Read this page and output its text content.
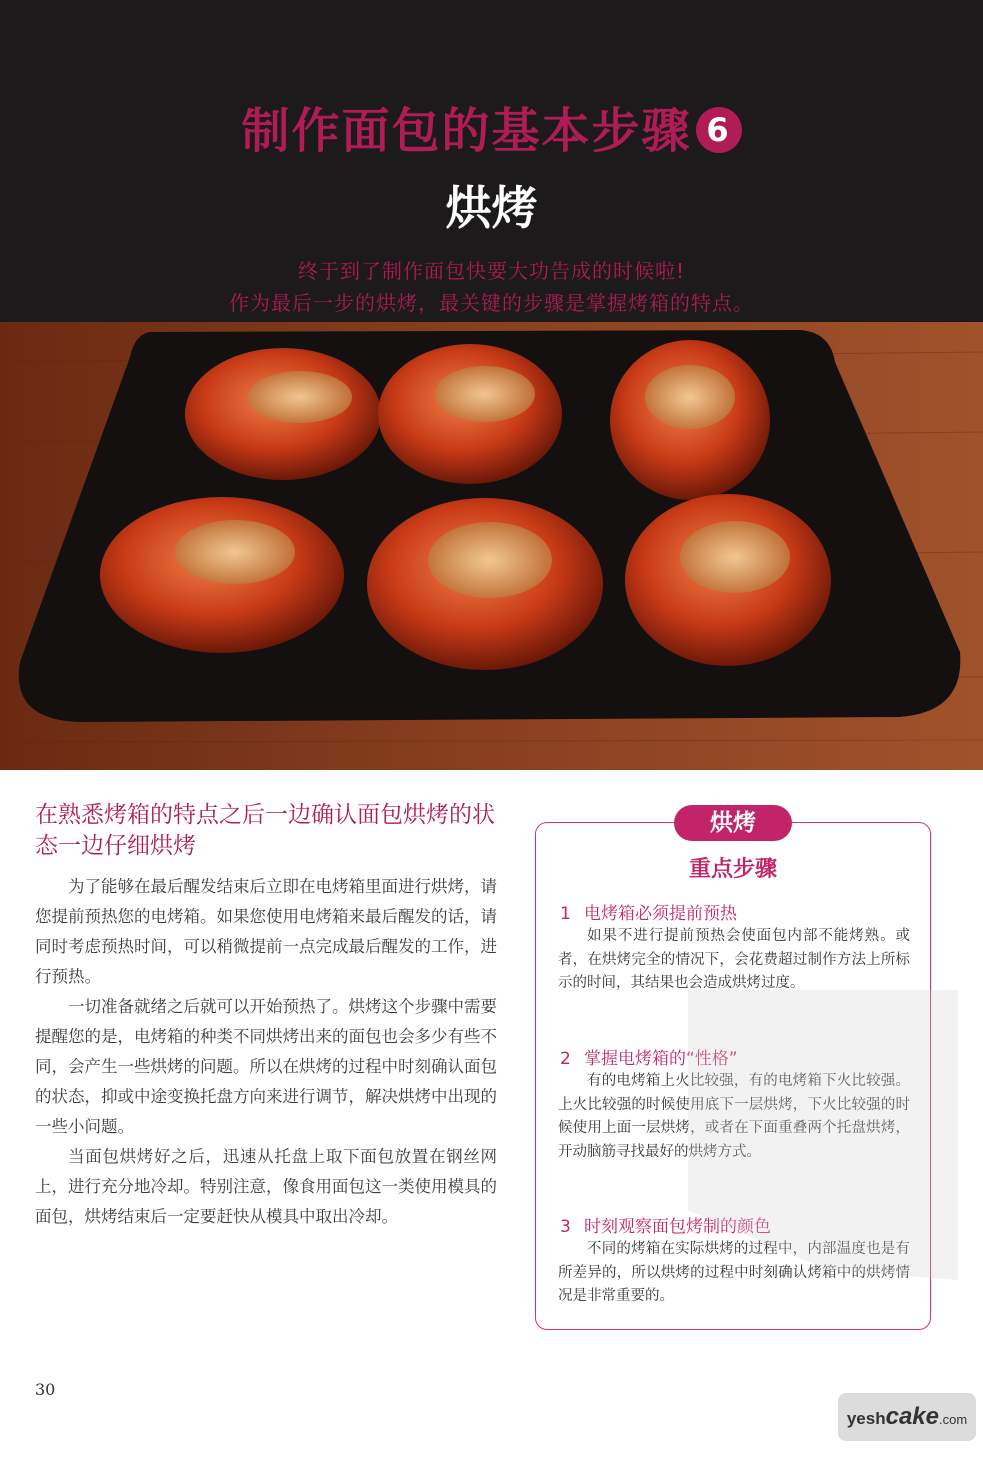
制作面包的基本步骤 6
烘烤
终于到了制作面包快要大功告成的时候啦!
作为最后一步的烘烤，最关键的步骤是掌握烤箱的特点。
在熟悉烤箱的特点之后一边确认面包烘烤的状态一边仔细烘烤

为了能够在最后醒发结束后立即在电烤箱里面进行烘烤，请您提前预热您的电烤箱。如果您使用电烤箱来最后醒发的话，请同时考虑预热时间，可以稍微提前一点完成最后醒发的工作，进行预热。

一切准备就绪之后就可以开始预热了。烘烤这个步骤中需要提醒您的是，电烤箱的种类不同烘烤出来的面包也会多少有些不同，会产生一些烘烤的问题。所以在烘烤的过程中时刻确认面包的状态，抑或中途变换托盘方向来进行调节，解决烘烤中出现的一些小问题。

当面包烘烤好之后，迅速从托盘上取下面包放置在钢丝网上，进行充分地冷却。特别注意，像食用面包这一类使用模具的面包，烘烤结束后一定要赶快从模具中取出冷却。

烘烤
重点步骤
1 电烤箱必须提前预热

如果不进行提前预热会使面包内部不能烤熟。或者，在烘烤完全的情况下，会花费超过制作方法上所标示的时间，其结果也会造成烘烤过度。

2 掌握电烤箱的“性格”

有的电烤箱上火比较强，有的电烤箱下火比较强。上火比较强的时候使用底下一层烘烤，下火比较强的时候使用上面一层烘烤，或者在下面重叠两个托盘烘烤，开动脑筋寻找最好的烘烤方式。

3 时刻观察面包烤制的颜色

不同的烤箱在实际烘烤的过程中，内部温度也是有所差异的，所以烘烤的过程中时刻确认烤箱中的烘烤情况是非常重要的。

30
yeshcake.com
